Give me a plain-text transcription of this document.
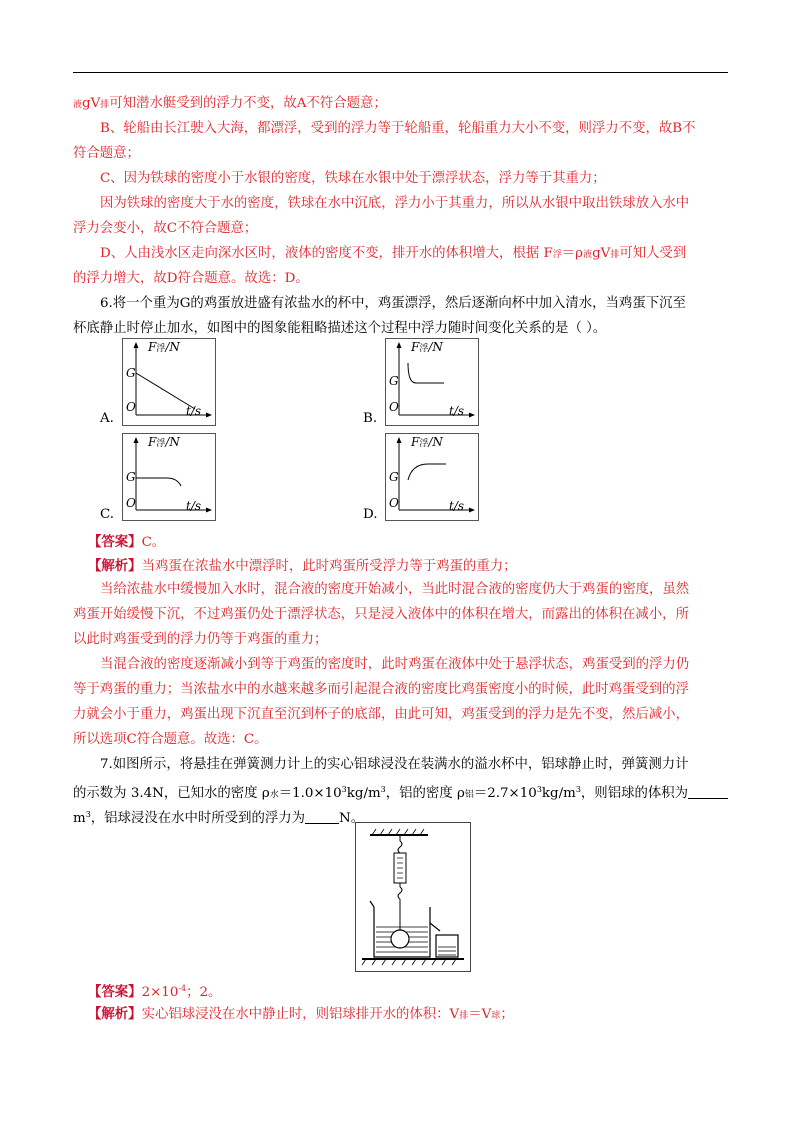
液gV排可知潜水艇受到的浮力不变，故A不符合题意；
B、轮船由长江驶入大海，都漂浮，受到的浮力等于轮船重，轮船重力大小不变，则浮力不变，故B不
符合题意；
C、因为铁球的密度小于水银的密度，铁球在水银中处于漂浮状态，浮力等于其重力；
因为铁球的密度大于水的密度，铁球在水中沉底，浮力小于其重力，所以从水银中取出铁球放入水中
浮力会变小，故C不符合题意；
D、人由浅水区走向深水区时，液体的密度不变，排开水的体积增大，根据 F浮＝ρ液gV排可知人受到
的浮力增大，故D符合题意。故选：D。
6.将一个重为G的鸡蛋放进盛有浓盐水的杯中，鸡蛋漂浮，然后逐渐向杯中加入清水，当鸡蛋下沉至
杯底静止时停止加水，如图中的图象能粗略描述这个过程中浮力随时间变化关系的是（ ）。
F浮/N
G
O	t/s
A.
F浮/N
G
O	t/s
B.
F浮/N
G
O	t/s
C.
F浮/N
G
O	t/s
D.
【答案】C。
【解析】当鸡蛋在浓盐水中漂浮时，此时鸡蛋所受浮力等于鸡蛋的重力；
当给浓盐水中缓慢加入水时，混合液的密度开始减小，当此时混合液的密度仍大于鸡蛋的密度，虽然
鸡蛋开始缓慢下沉，不过鸡蛋仍处于漂浮状态，只是浸入液体中的体积在增大，而露出的体积在减小，所
以此时鸡蛋受到的浮力仍等于鸡蛋的重力；
当混合液的密度逐渐减小到等于鸡蛋的密度时，此时鸡蛋在液体中处于悬浮状态，鸡蛋受到的浮力仍
等于鸡蛋的重力；当浓盐水中的水越来越多而引起混合液的密度比鸡蛋密度小的时候，此时鸡蛋受到的浮
力就会小于重力，鸡蛋出现下沉直至沉到杯子的底部，由此可知，鸡蛋受到的浮力是先不变，然后减小，
所以选项C符合题意。故选：C。
7.如图所示，将悬挂在弹簧测力计上的实心铝球浸没在装满水的溢水杯中，铝球静止时，弹簧测力计
的示数为 3.4N，已知水的密度 ρ水$=1.0\times 10^3kg/m^3$，铝的密度 ρ铝$=2.7\times 10^3kg/m^3$，则铝球的体积为
$m^3$，铝球浸没在水中时所受到的浮力为	N。
【答案】$2\times 10^{-4}$；2。
【解析】实心铝球浸没在水中静止时，则铝球排开水的体积：V排＝V球；
